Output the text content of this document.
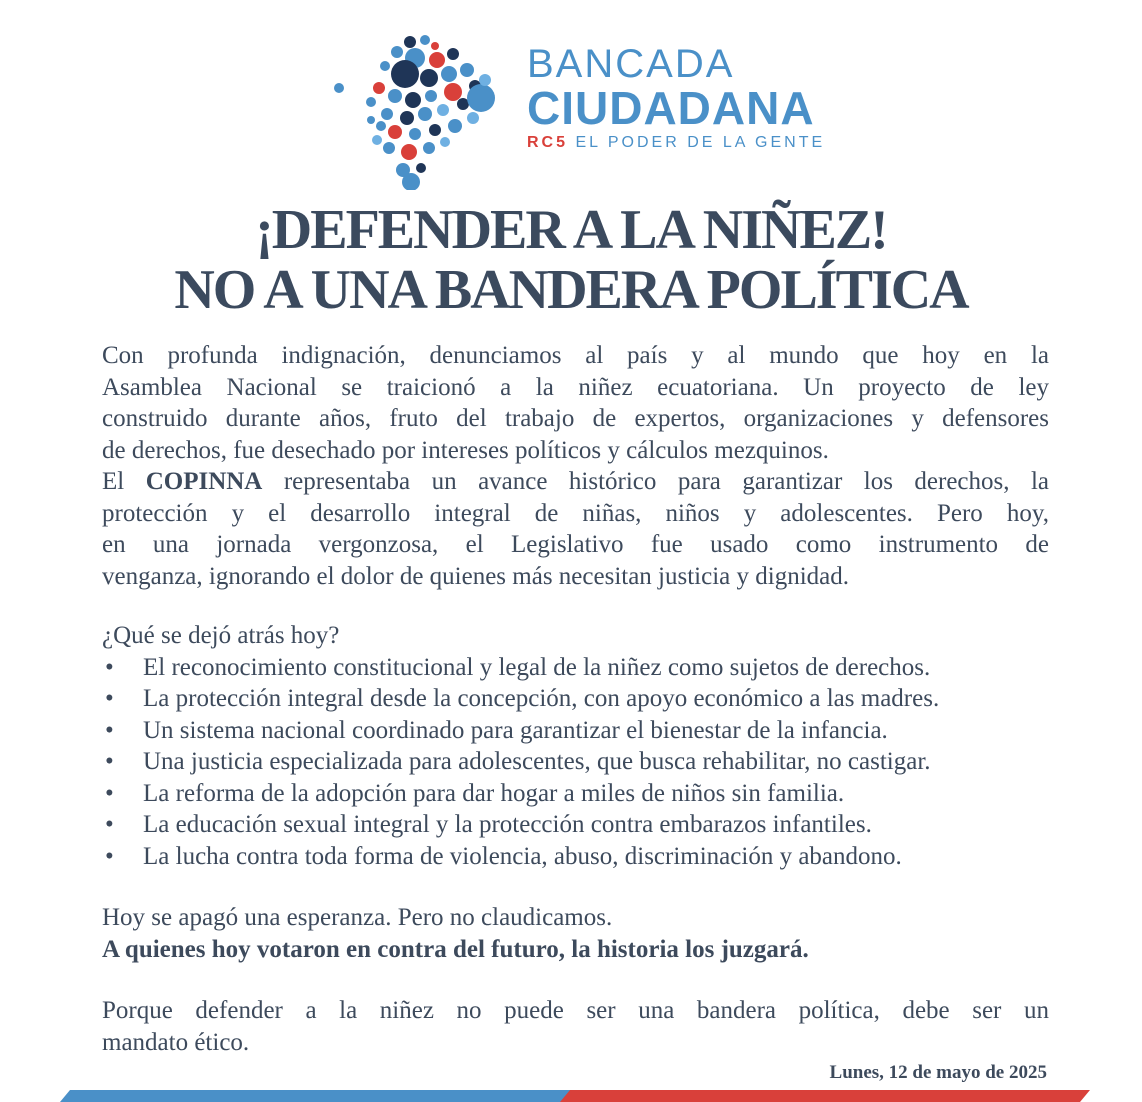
BANCADA
CIUDADANA
RC5 EL PODER DE LA GENTE
¡DEFENDER A LA NIÑEZ!
NO A UNA BANDERA POLÍTICA
Con profunda indignación, denunciamos al país y al mundo que hoy en la
Asamblea Nacional se traicionó a la niñez ecuatoriana. Un proyecto de ley
construido durante años, fruto del trabajo de expertos, organizaciones y defensores
de derechos, fue desechado por intereses políticos y cálculos mezquinos.
El COPINNA representaba un avance histórico para garantizar los derechos, la
protección y el desarrollo integral de niñas, niños y adolescentes. Pero hoy,
en una jornada vergonzosa, el Legislativo fue usado como instrumento de
venganza, ignorando el dolor de quienes más necesitan justicia y dignidad.
¿Qué se dejó atrás hoy?
• El reconocimiento constitucional y legal de la niñez como sujetos de derechos.
• La protección integral desde la concepción, con apoyo económico a las madres.
• Un sistema nacional coordinado para garantizar el bienestar de la infancia.
• Una justicia especializada para adolescentes, que busca rehabilitar, no castigar.
• La reforma de la adopción para dar hogar a miles de niños sin familia.
• La educación sexual integral y la protección contra embarazos infantiles.
• La lucha contra toda forma de violencia, abuso, discriminación y abandono.
Hoy se apagó una esperanza. Pero no claudicamos.
A quienes hoy votaron en contra del futuro, la historia los juzgará.
Porque defender a la niñez no puede ser una bandera política, debe ser un
mandato ético.
Lunes, 12 de mayo de 2025
